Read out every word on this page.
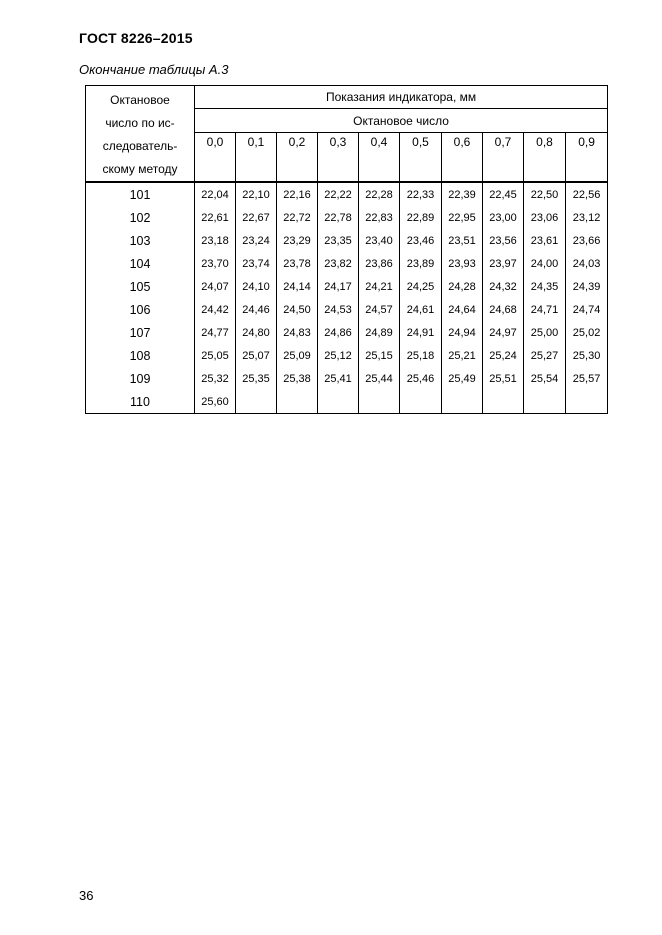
ГОСТ 8226–2015
Окончание таблицы А.3
Октановое
число по ис-
следователь-
скому методу	Показания индикатора, мм									
	Октановое число									
	0,0	0,1	0,2	0,3	0,4	0,5	0,6	0,7	0,8	0,9
101	22,04	22,10	22,16	22,22	22,28	22,33	22,39	22,45	22,50	22,56
102	22,61	22,67	22,72	22,78	22,83	22,89	22,95	23,00	23,06	23,12
103	23,18	23,24	23,29	23,35	23,40	23,46	23,51	23,56	23,61	23,66
104	23,70	23,74	23,78	23,82	23,86	23,89	23,93	23,97	24,00	24,03
105	24,07	24,10	24,14	24,17	24,21	24,25	24,28	24,32	24,35	24,39
106	24,42	24,46	24,50	24,53	24,57	24,61	24,64	24,68	24,71	24,74
107	24,77	24,80	24,83	24,86	24,89	24,91	24,94	24,97	25,00	25,02
108	25,05	25,07	25,09	25,12	25,15	25,18	25,21	25,24	25,27	25,30
109	25,32	25,35	25,38	25,41	25,44	25,46	25,49	25,51	25,54	25,57
110	25,60									
36
